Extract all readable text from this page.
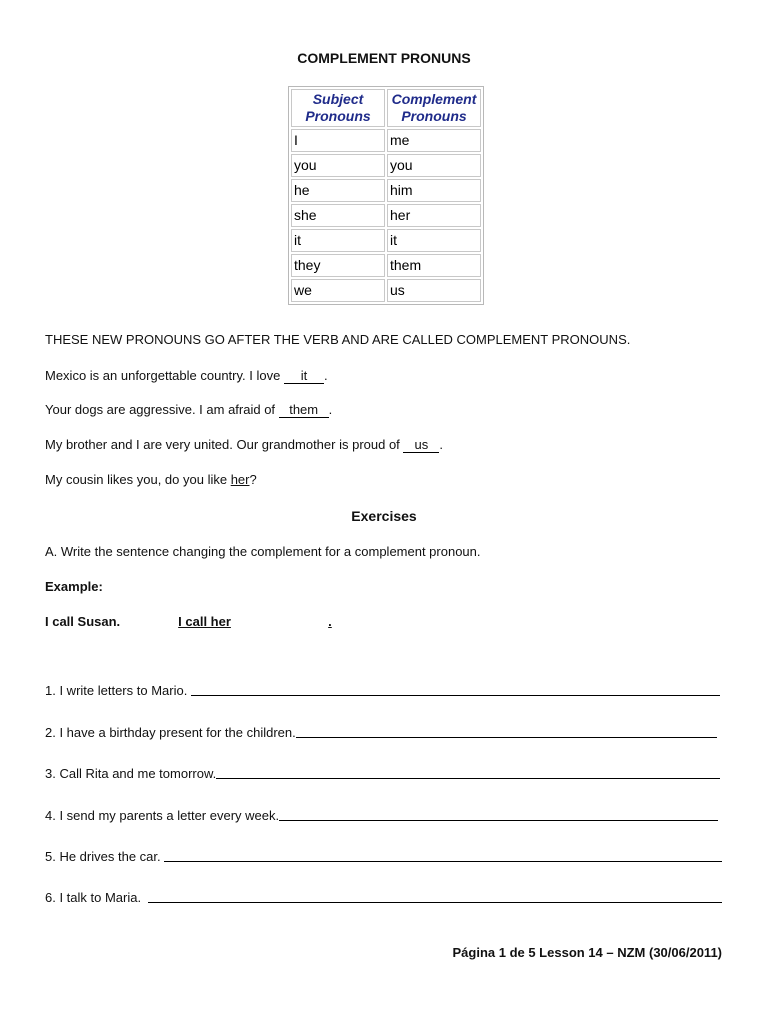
COMPLEMENT PRONUNS
Subject Pronouns	Complement Pronouns
I	me
you	you
he	him
she	her
it	it
they	them
we	us
THESE NEW PRONOUNS GO AFTER THE VERB AND ARE CALLED COMPLEMENT PRONOUNS.
Mexico is an unforgettable country. I love it .
Your dogs are aggressive. I am afraid of them .
My brother and I are very united. Our grandmother is proud of us .
My cousin likes you, do you like her?
Exercises
A. Write the sentence changing the complement for a complement pronoun.
Example:
I call Susan.	I call her	.
1. I write letters to Mario.

2. I have a birthday present for the children.
3. Call Rita and me tomorrow.
4. I send my parents a letter every week.
5. He drives the car.

6. I talk to Maria.

Página 1 de 5 Lesson 14 – NZM (30/06/2011)
